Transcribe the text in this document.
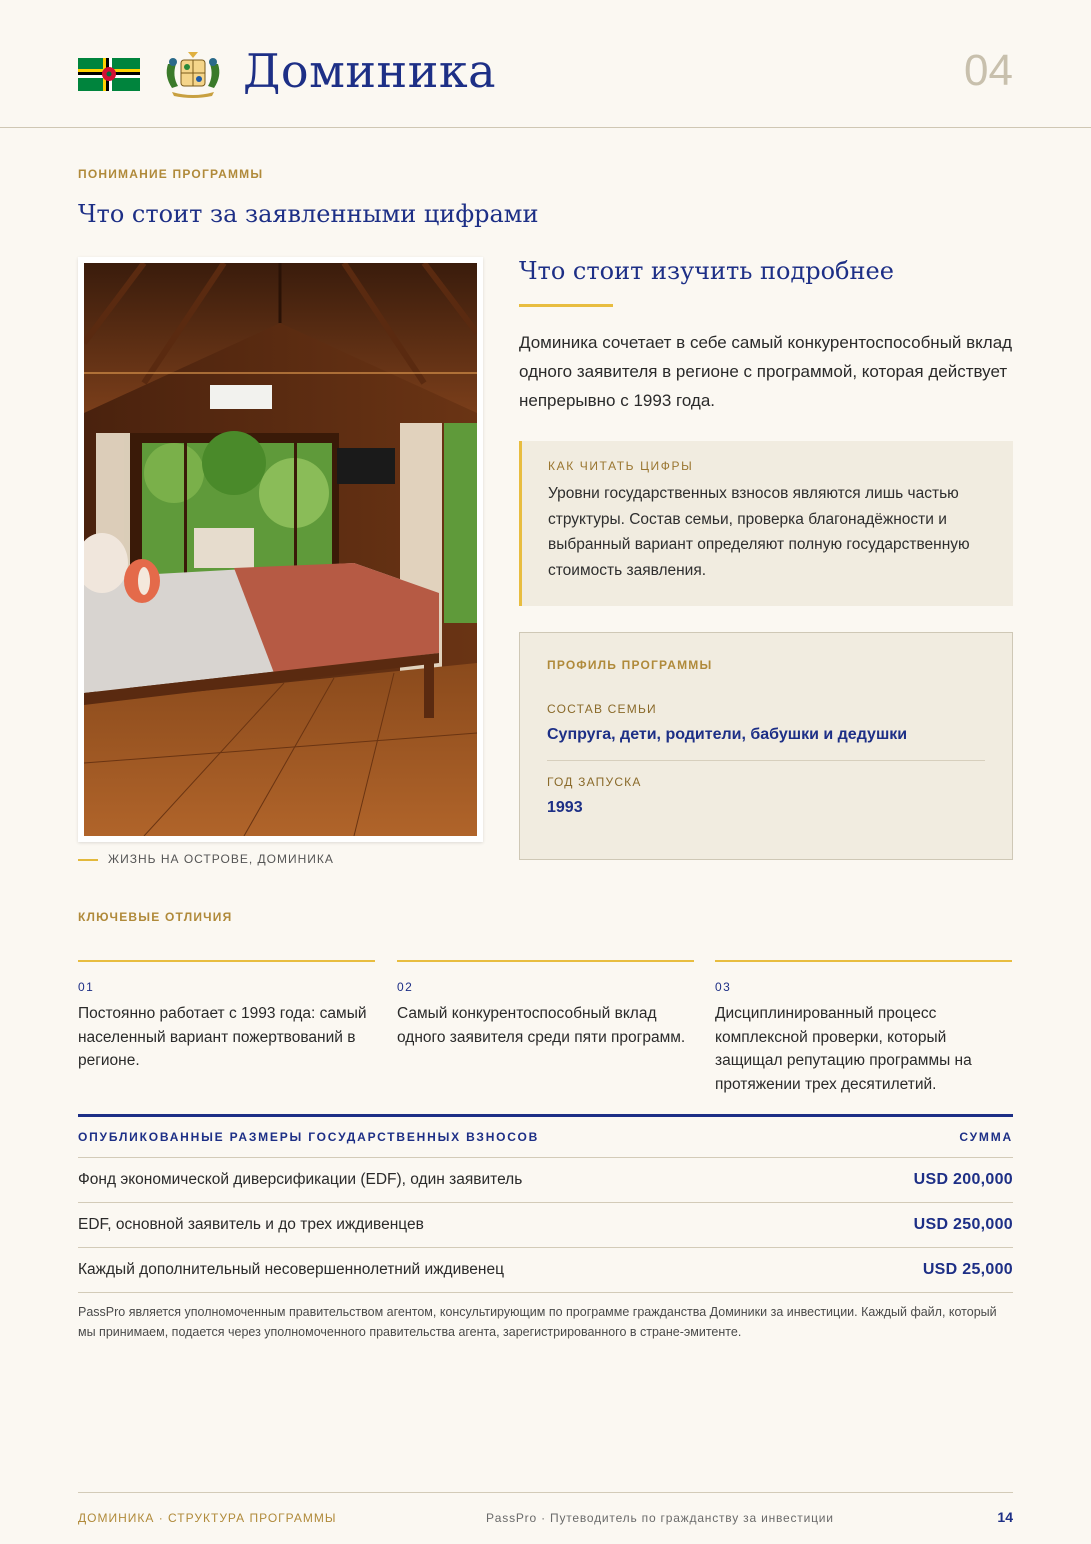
Доминика	04
ПОНИМАНИЕ ПРОГРАММЫ
Что стоит за заявленными цифрами
ЖИЗНЬ НА ОСТРОВЕ, ДОМИНИКА
Что стоит изучить подробнее
Доминика сочетает в себе самый конкурентоспособный вклад одного заявителя в регионе с программой, которая действует непрерывно с 1993 года.
КАК ЧИТАТЬ ЦИФРЫ
Уровни государственных взносов являются лишь частью структуры. Состав семьи, проверка благонадёжности и выбранный вариант определяют полную государственную стоимость заявления.
ПРОФИЛЬ ПРОГРАММЫ
СОСТАВ СЕМЬИ
Супруга, дети, родители, бабушки и дедушки
ГОД ЗАПУСКА
1993
КЛЮЧЕВЫЕ ОТЛИЧИЯ
01
Постоянно работает с 1993 года: самый населенный вариант пожертвований в регионе.
02
Самый конкурентоспособный вклад одного заявителя среди пяти программ.
03
Дисциплинированный процесс комплексной проверки, который защищал репутацию программы на протяжении трех десятилетий.
ОПУБЛИКОВАННЫЕ РАЗМЕРЫ ГОСУДАРСТВЕННЫХ ВЗНОСОВ	СУММА
Фонд экономической диверсификации (EDF), один заявитель	USD 200,000
EDF, основной заявитель и до трех иждивенцев	USD 250,000
Каждый дополнительный несовершеннолетний иждивенец	USD 25,000
PassPro является уполномоченным правительством агентом, консультирующим по программе гражданства Доминики за инвестиции. Каждый файл, который мы принимаем, подается через уполномоченного правительства агента, зарегистрированного в стране-эмитенте.
ДОМИНИКА · СТРУКТУРА ПРОГРАММЫ	PassPro · Путеводитель по гражданству за инвестиции	14
